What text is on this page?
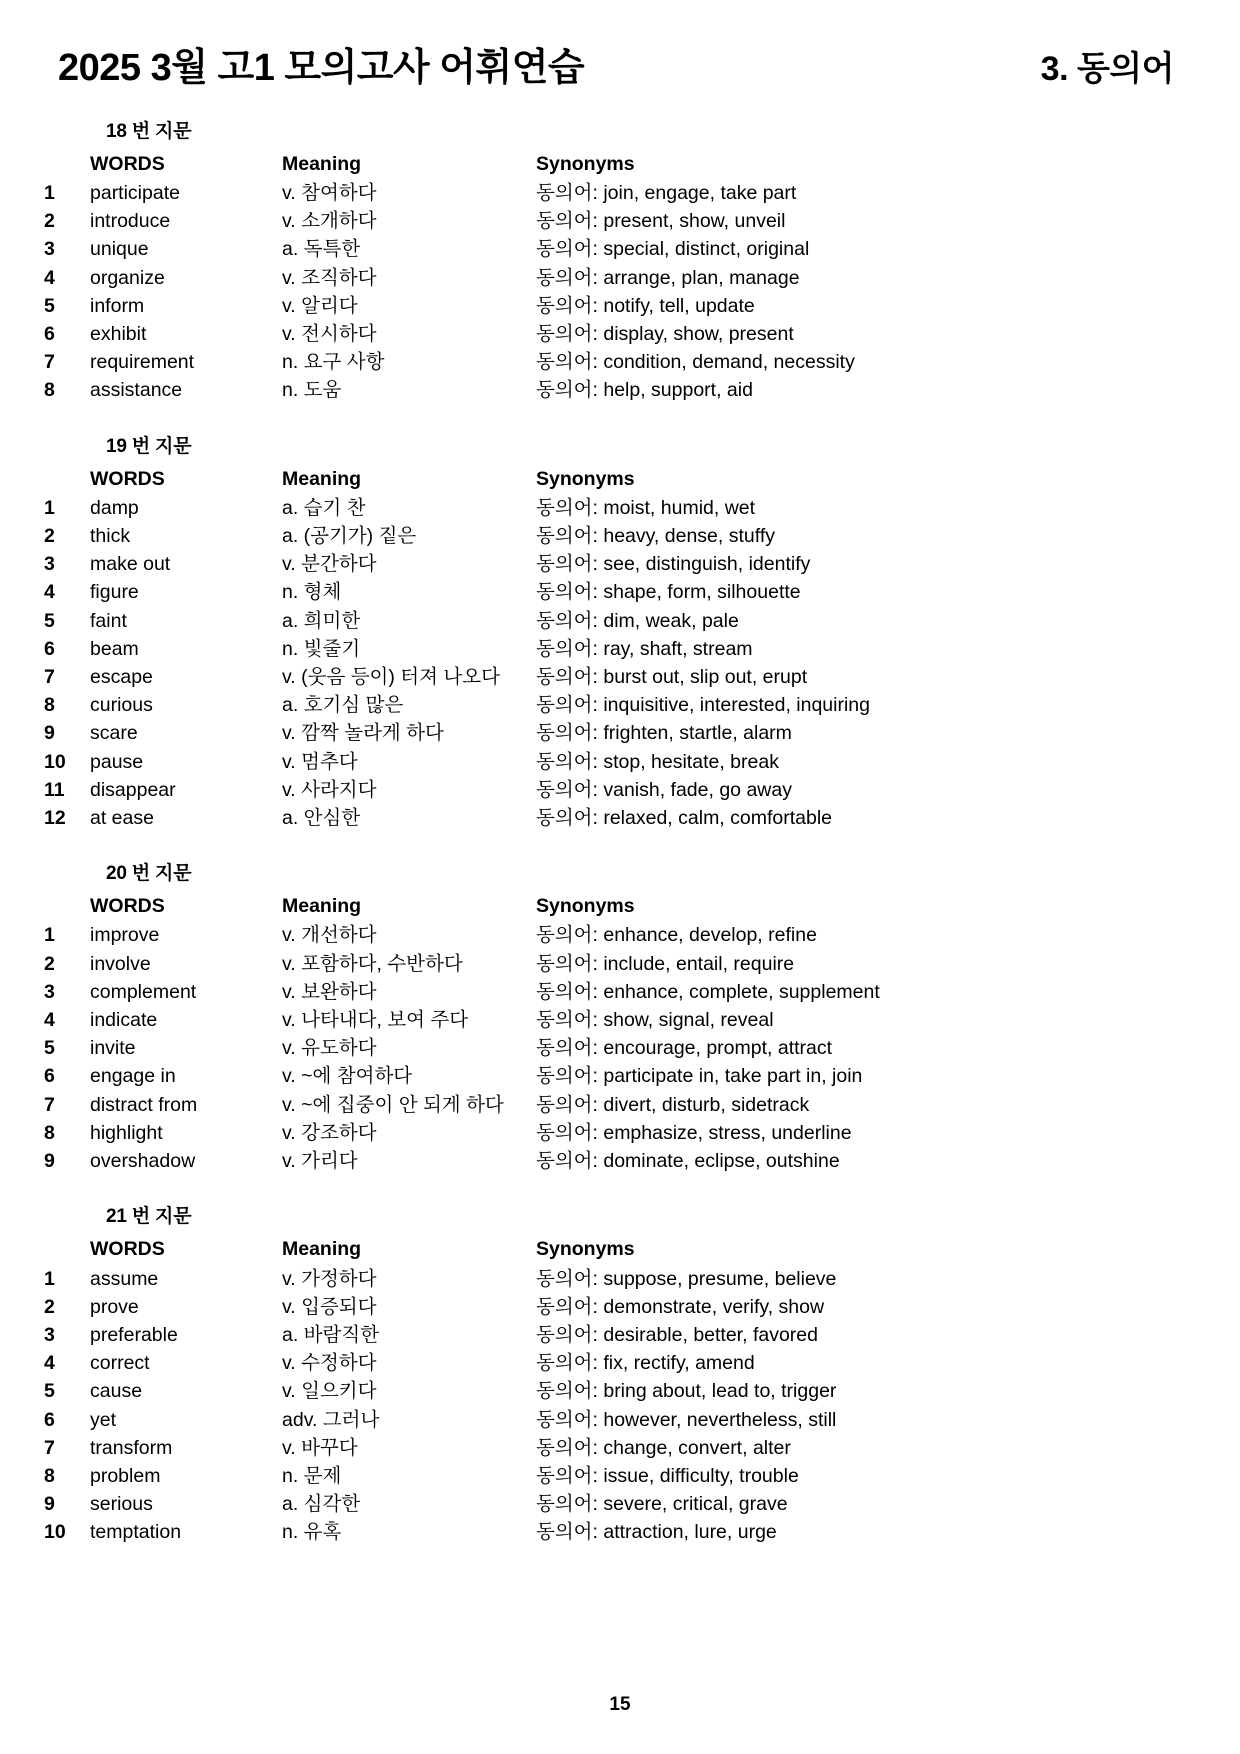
2025 3월 고1 모의고사 어휘연습	3. 동의어
18 번 지문
	WORDS	Meaning	Synonyms
1	participate	v. 참여하다	동의어: join, engage, take part
2	introduce	v. 소개하다	동의어: present, show, unveil
3	unique	a. 독특한	동의어: special, distinct, original
4	organize	v. 조직하다	동의어: arrange, plan, manage
5	inform	v. 알리다	동의어: notify, tell, update
6	exhibit	v. 전시하다	동의어: display, show, present
7	requirement	n. 요구 사항	동의어: condition, demand, necessity
8	assistance	n. 도움	동의어: help, support, aid
19 번 지문
	WORDS	Meaning	Synonyms
1	damp	a. 습기 찬	동의어: moist, humid, wet
2	thick	a. (공기가) 짙은	동의어: heavy, dense, stuffy
3	make out	v. 분간하다	동의어: see, distinguish, identify
4	figure	n. 형체	동의어: shape, form, silhouette
5	faint	a. 희미한	동의어: dim, weak, pale
6	beam	n. 빛줄기	동의어: ray, shaft, stream
7	escape	v. (웃음 등이) 터져 나오다	동의어: burst out, slip out, erupt
8	curious	a. 호기심 많은	동의어: inquisitive, interested, inquiring
9	scare	v. 깜짝 놀라게 하다	동의어: frighten, startle, alarm
10	pause	v. 멈추다	동의어: stop, hesitate, break
11	disappear	v. 사라지다	동의어: vanish, fade, go away
12	at ease	a. 안심한	동의어: relaxed, calm, comfortable
20 번 지문
	WORDS	Meaning	Synonyms
1	improve	v. 개선하다	동의어: enhance, develop, refine
2	involve	v. 포함하다, 수반하다	동의어: include, entail, require
3	complement	v. 보완하다	동의어: enhance, complete, supplement
4	indicate	v. 나타내다, 보여 주다	동의어: show, signal, reveal
5	invite	v. 유도하다	동의어: encourage, prompt, attract
6	engage in	v. ~에 참여하다	동의어: participate in, take part in, join
7	distract from	v. ~에 집중이 안 되게 하다	동의어: divert, disturb, sidetrack
8	highlight	v. 강조하다	동의어: emphasize, stress, underline
9	overshadow	v. 가리다	동의어: dominate, eclipse, outshine
21 번 지문
	WORDS	Meaning	Synonyms
1	assume	v. 가정하다	동의어: suppose, presume, believe
2	prove	v. 입증되다	동의어: demonstrate, verify, show
3	preferable	a. 바람직한	동의어: desirable, better, favored
4	correct	v. 수정하다	동의어: fix, rectify, amend
5	cause	v. 일으키다	동의어: bring about, lead to, trigger
6	yet	adv. 그러나	동의어: however, nevertheless, still
7	transform	v. 바꾸다	동의어: change, convert, alter
8	problem	n. 문제	동의어: issue, difficulty, trouble
9	serious	a. 심각한	동의어: severe, critical, grave
10	temptation	n. 유혹	동의어: attraction, lure, urge
15
